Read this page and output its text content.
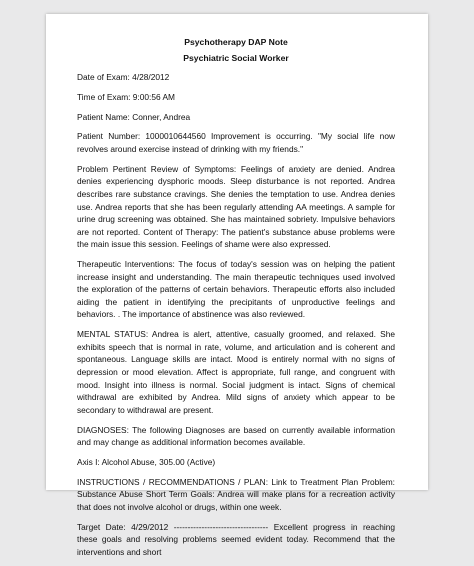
Psychotherapy DAP Note
Psychiatric Social Worker

Date of Exam: 4/28/2012

Time of Exam: 9:00:56 AM

Patient Name: Conner, Andrea

Patient Number: 1000010644560 Improvement is occurring. "My social life now revolves around exercise instead of drinking with my friends."

Problem Pertinent Review of Symptoms: Feelings of anxiety are denied. Andrea denies experiencing dysphoric moods. Sleep disturbance is not reported. Andrea describes rare substance cravings. She denies the temptation to use. Andrea denies use. Andrea reports that she has been regularly attending AA meetings. A sample for urine drug screening was obtained. She has maintained sobriety. Impulsive behaviors are not reported. Content of Therapy: The patient's substance abuse problems were the main issue this session. Feelings of shame were also expressed.

Therapeutic Interventions: The focus of today's session was on helping the patient increase insight and understanding. The main therapeutic techniques used involved the exploration of the patterns of certain behaviors. Therapeutic efforts also included aiding the patient in identifying the precipitants of unproductive feelings and behaviors. . The importance of abstinence was also reviewed.

MENTAL STATUS: Andrea is alert, attentive, casually groomed, and relaxed. She exhibits speech that is normal in rate, volume, and articulation and is coherent and spontaneous. Language skills are intact. Mood is entirely normal with no signs of depression or mood elevation. Affect is appropriate, full range, and congruent with mood. Insight into illness is normal. Social judgment is intact. Signs of chemical withdrawal are exhibited by Andrea. Mild signs of anxiety which appear to be secondary to withdrawal are present.

DIAGNOSES: The following Diagnoses are based on currently available information and may change as additional information becomes available.

Axis I: Alcohol Abuse, 305.00 (Active)

INSTRUCTIONS / RECOMMENDATIONS / PLAN: Link to Treatment Plan Problem: Substance Abuse Short Term Goals: Andrea will make plans for a recreation activity that does not involve alcohol or drugs, within one week.

Target Date: 4/29/2012 ---------------------------------- Excellent progress in reaching these goals and resolving problems seemed evident today. Recommend that the interventions and short
